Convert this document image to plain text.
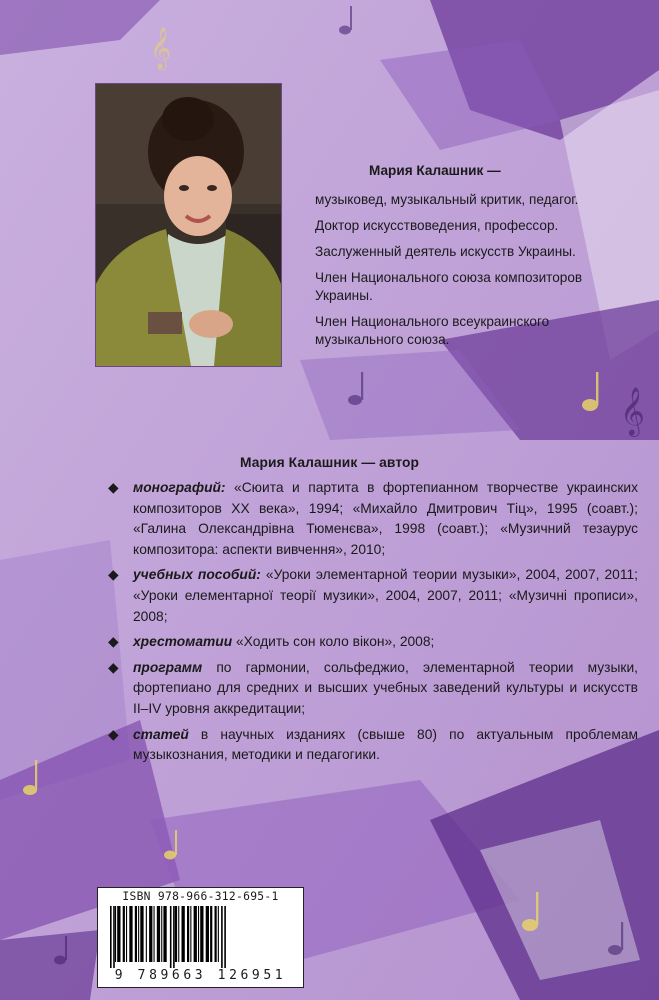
𝄞
𝄞
Мария Калашник —
музыковед, музыкальный критик, педагог.
Доктор искусствоведения, профессор.
Заслуженный деятель искусств Украины.
Член Национального союза композиторов Украины.
Член Национального всеукраинского музыкального союза.
Мария Калашник — автор
◆ монографий: «Сюита и партита в фортепианном творчестве украинских композиторов XX века», 1994; «Михайло Дмитрович Тіц», 1995 (соавт.); «Галина Олександрівна Тюменєва», 1998 (соавт.); «Музичний тезаурус композитора: аспекти вивчення», 2010;
◆ учебных пособий: «Уроки элементарной теории музыки», 2004, 2007, 2011; «Уроки елементарної теорії музики», 2004, 2007, 2011; «Музичні прописи», 2008;
◆ хрестоматии «Ходить сон коло вікон», 2008;
◆ программ по гармонии, сольфеджио, элементарной теории музыки, фортепиано для средних и высших учебных заведений культуры и искусств II–IV уровня аккредитации;
◆ статей в научных изданиях (свыше 80) по актуальным проблемам музыкознания, методики и педагогики.
ISBN 978-966-312-695-1
9 789663 126951
